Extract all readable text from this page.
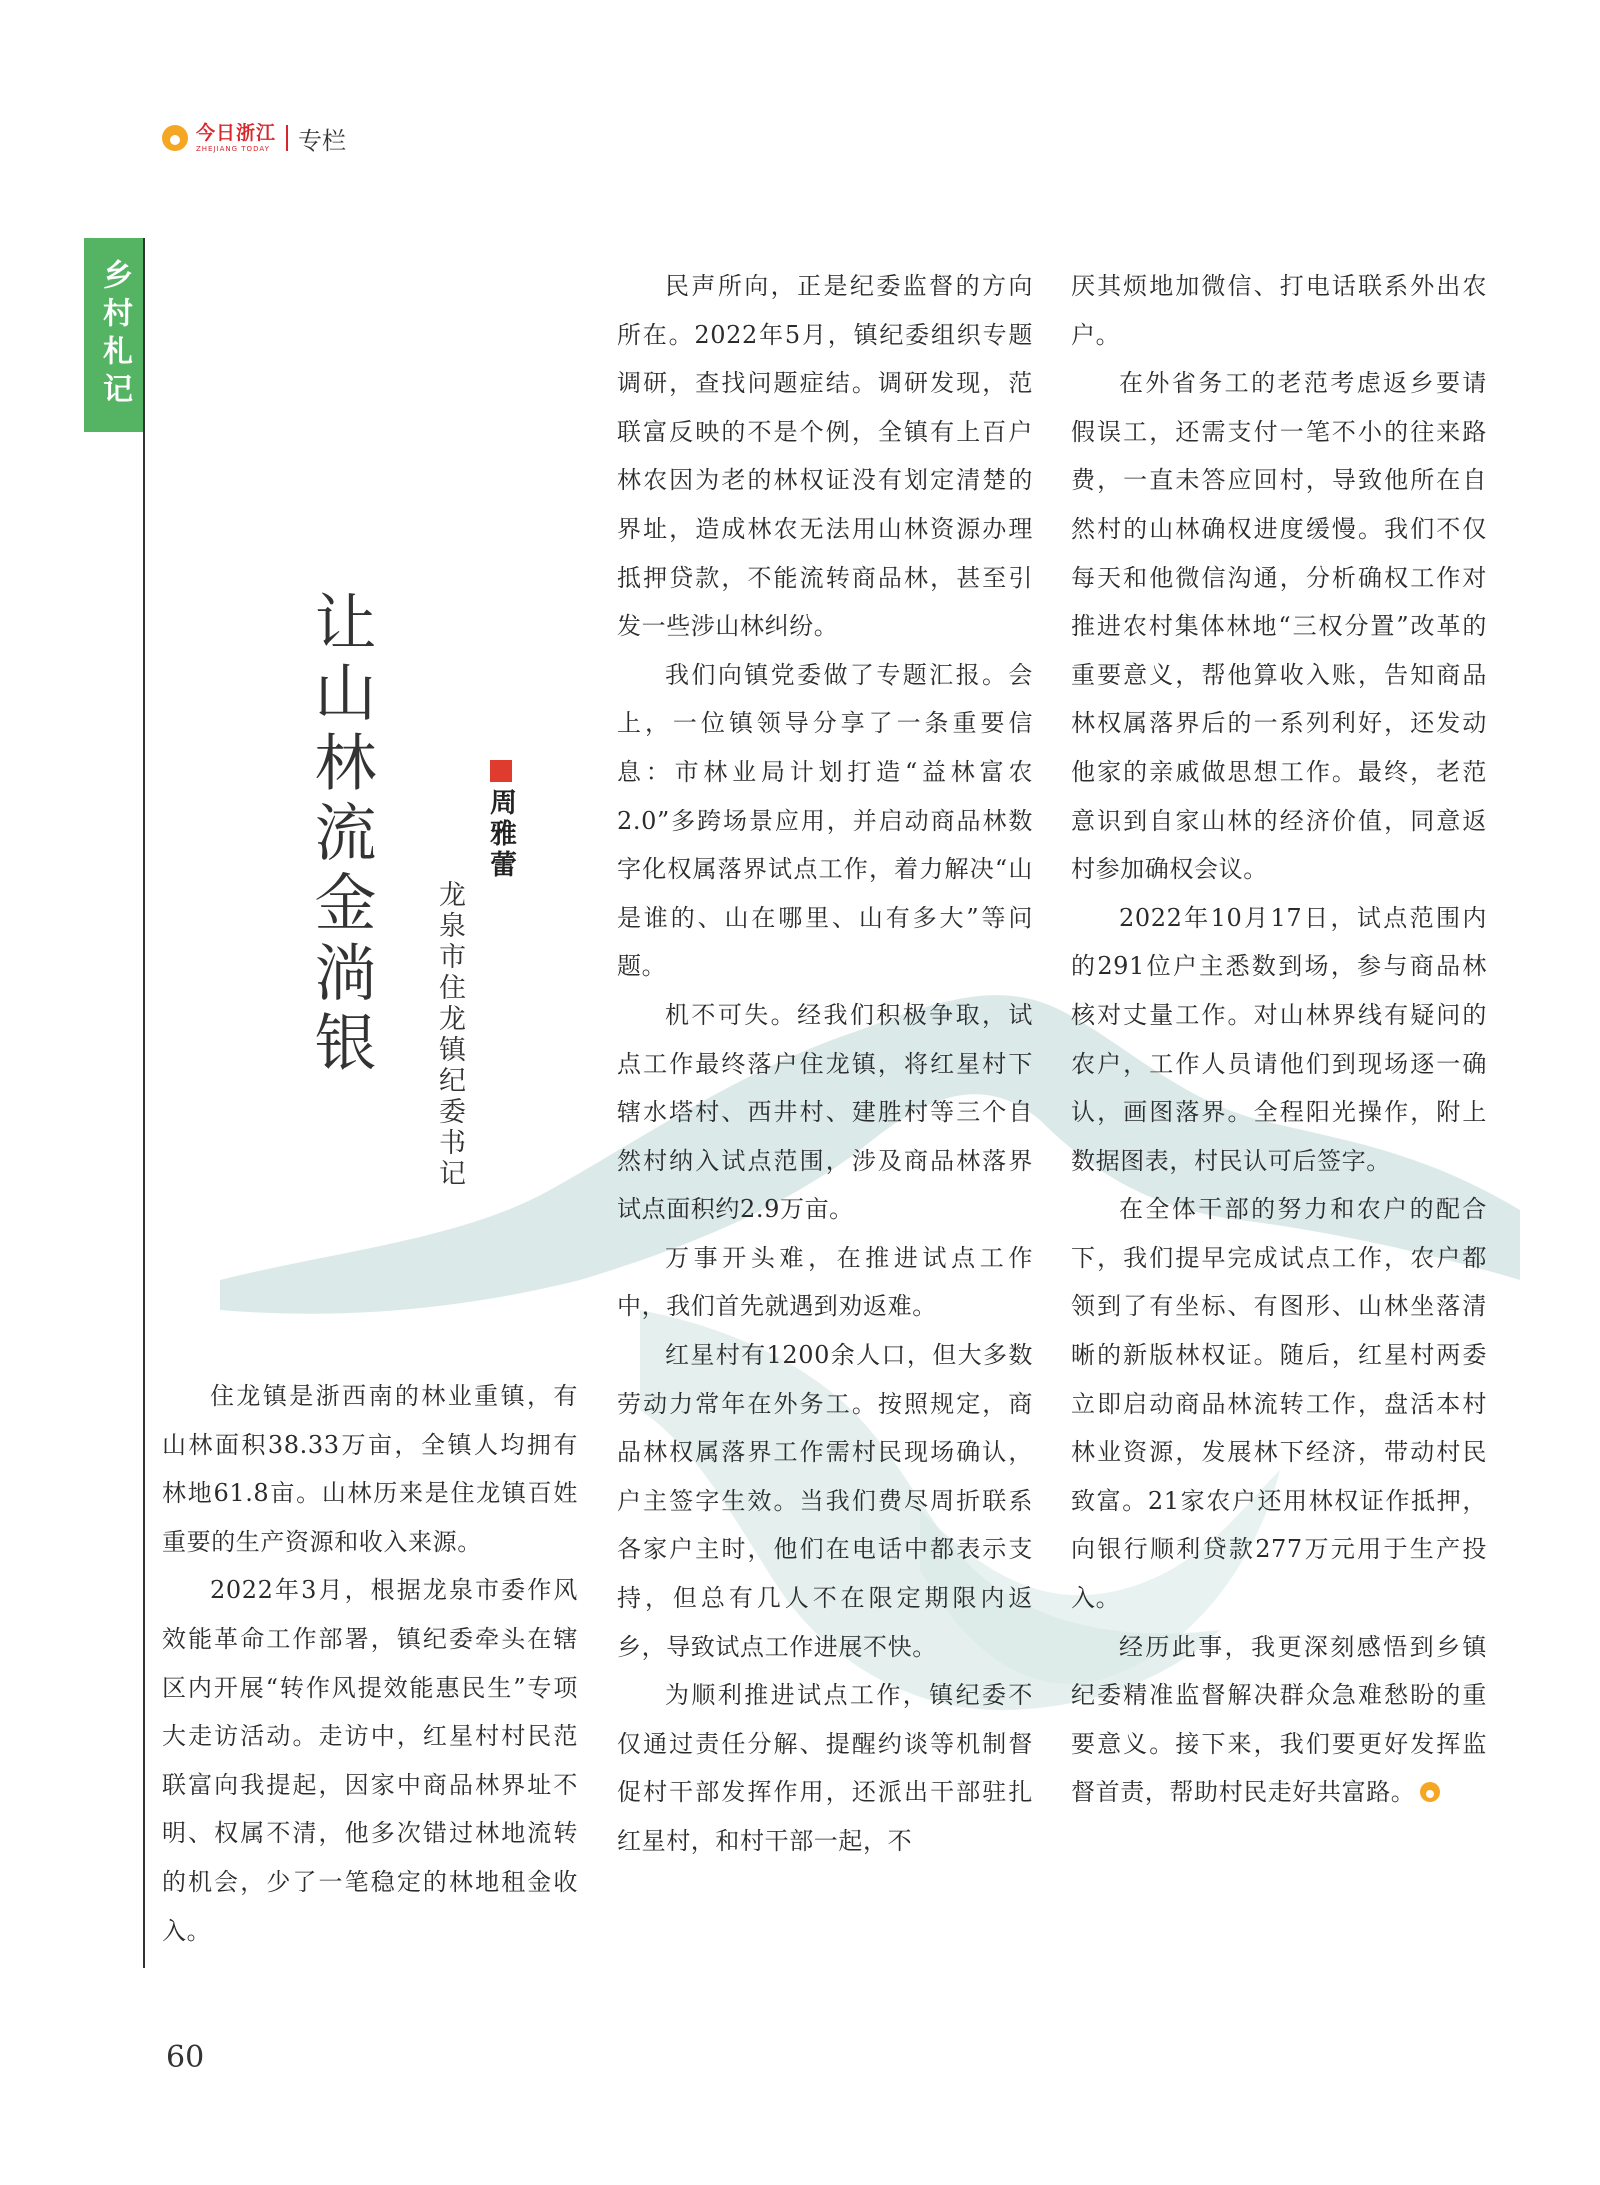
今日浙江
ZHEJIANG TODAY 专栏
乡村札记
让山林流金淌银	周雅蕾
龙泉市住龙镇纪委书记

住龙镇是浙西南的林业重镇，有山林面积38.33万亩，全镇人均拥有林地61.8亩。山林历来是住龙镇百姓重要的生产资源和收入来源。

2022年3月，根据龙泉市委作风效能革命工作部署，镇纪委牵头在辖区内开展“转作风提效能惠民生”专项大走访活动。走访中，红星村村民范联富向我提起，因家中商品林界址不明、权属不清，他多次错过林地流转的机会，少了一笔稳定的林地租金收入。

民声所向，正是纪委监督的方向所在。2022年5月，镇纪委组织专题调研，查找问题症结。调研发现，范联富反映的不是个例，全镇有上百户林农因为老的林权证没有划定清楚的界址，造成林农无法用山林资源办理抵押贷款，不能流转商品林，甚至引发一些涉山林纠纷。

我们向镇党委做了专题汇报。会上，一位镇领导分享了一条重要信息：市林业局计划打造“益林富农2.0”多跨场景应用，并启动商品林数字化权属落界试点工作，着力解决“山是谁的、山在哪里、山有多大”等问题。

机不可失。经我们积极争取，试点工作最终落户住龙镇，将红星村下辖水塔村、西井村、建胜村等三个自然村纳入试点范围，涉及商品林落界试点面积约2.9万亩。

万事开头难，在推进试点工作中，我们首先就遇到劝返难。

红星村有1200余人口，但大多数劳动力常年在外务工。按照规定，商品林权属落界工作需村民现场确认，户主签字生效。当我们费尽周折联系各家户主时，他们在电话中都表示支持，但总有几人不在限定期限内返乡，导致试点工作进展不快。

为顺利推进试点工作，镇纪委不仅通过责任分解、提醒约谈等机制督促村干部发挥作用，还派出干部驻扎红星村，和村干部一起，不

厌其烦地加微信、打电话联系外出农户。

在外省务工的老范考虑返乡要请假误工，还需支付一笔不小的往来路费，一直未答应回村，导致他所在自然村的山林确权进度缓慢。我们不仅每天和他微信沟通，分析确权工作对推进农村集体林地“三权分置”改革的重要意义，帮他算收入账，告知商品林权属落界后的一系列利好，还发动他家的亲戚做思想工作。最终，老范意识到自家山林的经济价值，同意返村参加确权会议。

2022年10月17日，试点范围内的291位户主悉数到场，参与商品林核对丈量工作。对山林界线有疑问的农户，工作人员请他们到现场逐一确认，画图落界。全程阳光操作，附上数据图表，村民认可后签字。

在全体干部的努力和农户的配合下，我们提早完成试点工作，农户都领到了有坐标、有图形、山林坐落清晰的新版林权证。随后，红星村两委立即启动商品林流转工作，盘活本村林业资源，发展林下经济，带动村民致富。21家农户还用林权证作抵押，向银行顺利贷款277万元用于生产投入。

经历此事，我更深刻感悟到乡镇纪委精准监督解决群众急难愁盼的重要意义。接下来，我们要更好发挥监督首责，帮助村民走好共富路。

60
